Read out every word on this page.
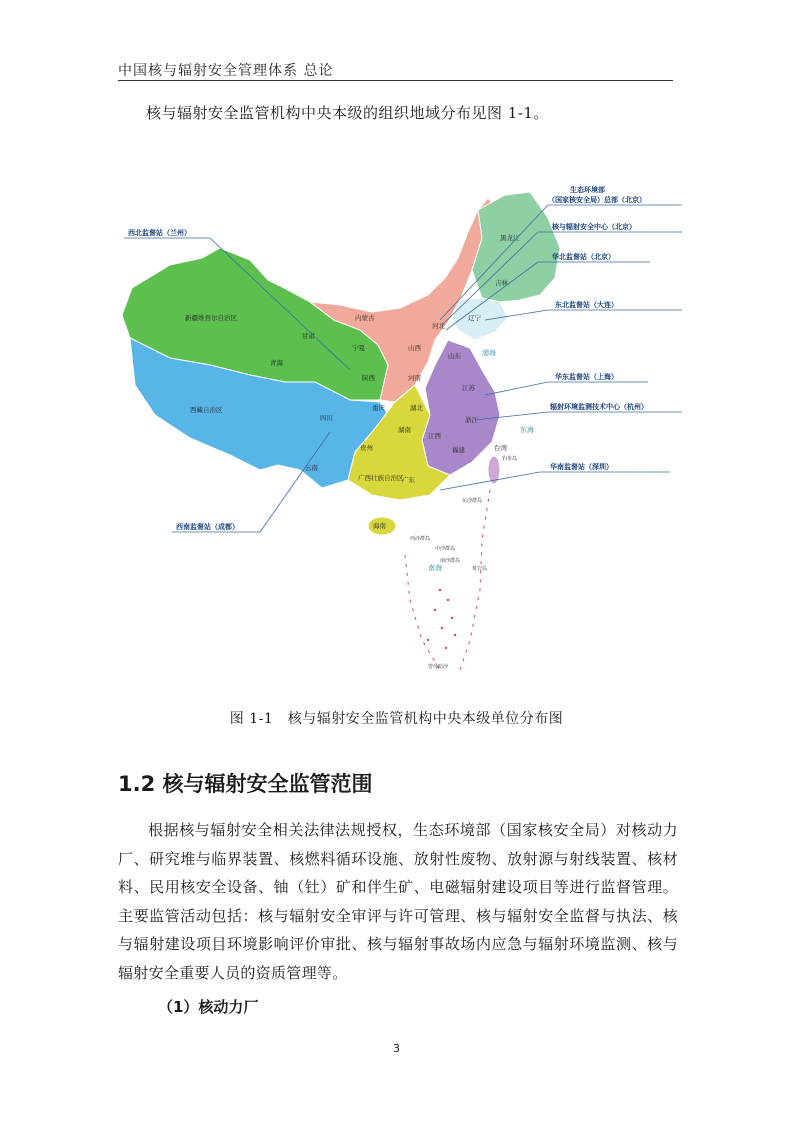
中国核与辐射安全管理体系 总论
核与辐射安全监管机构中央本级的组织地域分布见图 1-1。
新疆维吾尔自治区
西藏自治区
青海
甘肃
内蒙古
黑龙江
吉林
辽宁
河北
山西
河南
山东
江苏
浙江
福建
湖北
湖南
江西
四川
贵州
云南
广西壮族自治区
广东
海南
台湾
陕西
宁夏
重庆
渤海
东海
南海
西沙群岛
中沙群岛
南沙群岛
黄岩岛
钓鱼岛
东沙群岛
曾母暗沙
生态环境部
（国家核安全局）总部（北京）
核与辐射安全中心（北京）
华北监督站（北京）
东北监督站（大连）
华东监督站（上海）
辐射环境监测技术中心（杭州）
华南监督站（深圳）
西北监督站（兰州）
西南监督站（成都）
图 1-1　核与辐射安全监管机构中央本级单位分布图
1.2 核与辐射安全监管范围
根据核与辐射安全相关法律法规授权，生态环境部（国家核安全局）对核动力厂、研究堆与临界装置、核燃料循环设施、放射性废物、放射源与射线装置、核材料、民用核安全设备、铀（钍）矿和伴生矿、电磁辐射建设项目等进行监督管理。主要监管活动包括：核与辐射安全审评与许可管理、核与辐射安全监督与执法、核与辐射建设项目环境影响评价审批、核与辐射事故场内应急与辐射环境监测、核与辐射安全重要人员的资质管理等。
（1）核动力厂
3
